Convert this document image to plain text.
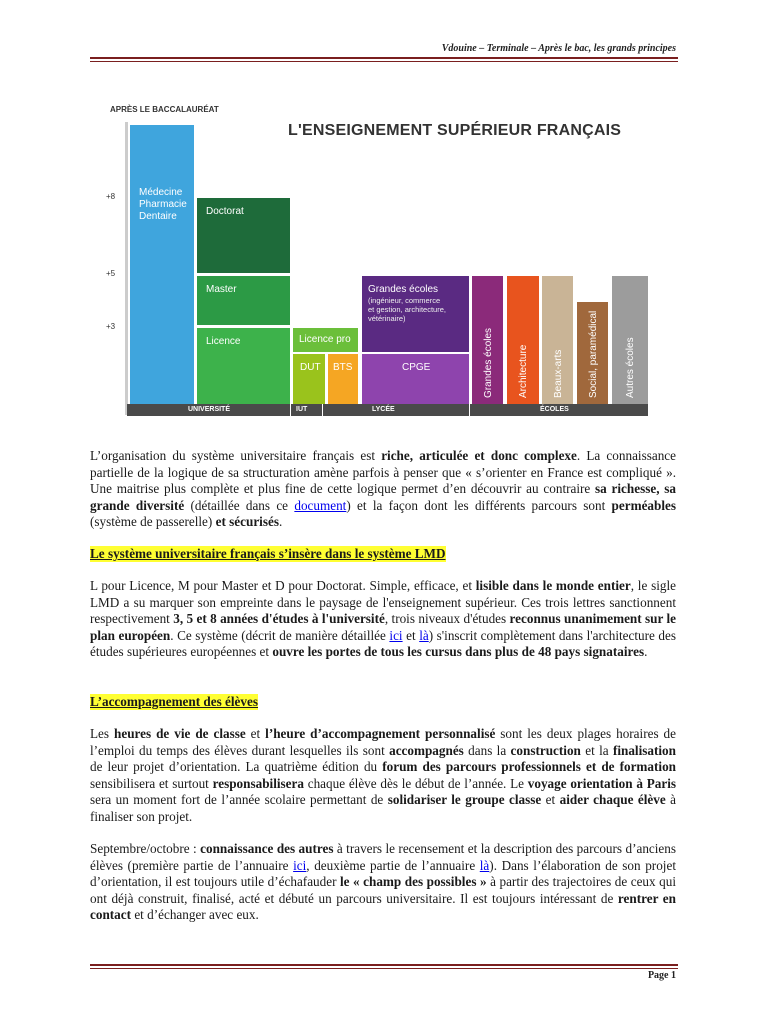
Vdouine – Terminale – Après le bac, les grands principes
APRÈS LE BACCALAURÉAT
+8
+5
+3
L'ENSEIGNEMENT SUPÉRIEUR FRANÇAIS
Médecine
Pharmacie
Dentaire	Doctorat
Master
Licence	Licence pro
DUT BTS
Grandes écoles
(ingénieur, commerce
et gestion, architecture,
vétérinaire)
CPGE	Grandes écoles Architecture Beaux-arts Social, paramédical	Autres écoles
UNIVERSITÉ	IUT	LYCÉE	ÉCOLES
L’organisation du système universitaire français est riche, articulée et donc complexe. La connaissance partielle de la logique de sa structuration amène parfois à penser que « s’orienter en France est compliqué ». Une maitrise plus complète et plus fine de cette logique permet d’en découvrir au contraire sa richesse, sa grande diversité (détaillée dans ce document) et la façon dont les différents parcours sont perméables (système de passerelle) et sécurisés.
Le système universitaire français s’insère dans le système LMD
L pour Licence, M pour Master et D pour Doctorat. Simple, efficace, et lisible dans le monde entier, le sigle LMD a su marquer son empreinte dans le paysage de l'enseignement supérieur. Ces trois lettres sanctionnent respectivement 3, 5 et 8 années d'études à l'université, trois niveaux d'études reconnus unanimement sur le plan européen. Ce système (décrit de manière détaillée ici et là) s'inscrit complètement dans l'architecture des études supérieures européennes et ouvre les portes de tous les cursus dans plus de 48 pays signataires.
L’accompagnement des élèves
Les heures de vie de classe et l’heure d’accompagnement personnalisé sont les deux plages horaires de l’emploi du temps des élèves durant lesquelles ils sont accompagnés dans la construction et la finalisation de leur projet d’orientation. La quatrième édition du forum des parcours professionnels et de formation sensibilisera et surtout responsabilisera chaque élève dès le début de l’année. Le voyage orientation à Paris sera un moment fort de l’année scolaire permettant de solidariser le groupe classe et aider chaque élève à finaliser son projet.
Septembre/octobre : connaissance des autres à travers le recensement et la description des parcours d’anciens élèves (première partie de l’annuaire ici, deuxième partie de l’annuaire là). Dans l’élaboration de son projet d’orientation, il est toujours utile d’échafauder le « champ des possibles » à partir des trajectoires de ceux qui ont déjà construit, finalisé, acté et débuté un parcours universitaire. Il est toujours intéressant de rentrer en contact et d’échanger avec eux.
Page 1
